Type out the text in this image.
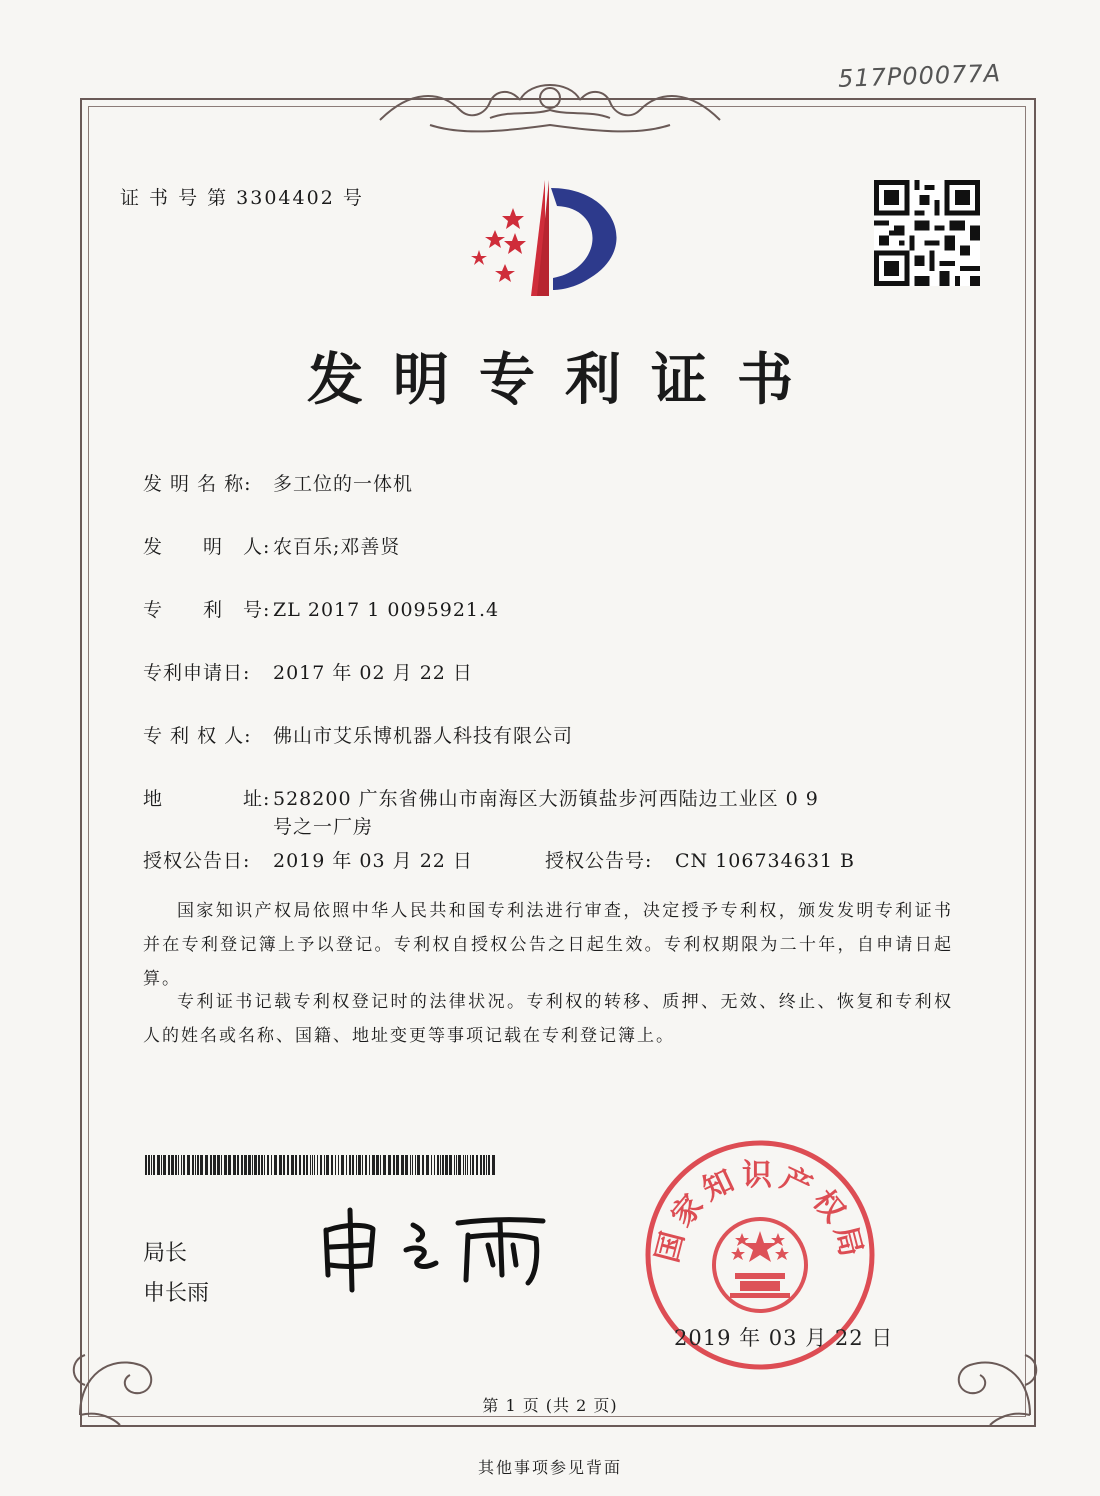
517P00077A
证 书 号 第 3304402 号
发明专利证书
发 明 名 称:	多工位的一体机
发　　明　人: 农百乐;邓善贤
专　　利　号: ZL 2017 1 0095921.4
专利申请日:	2017 年 02 月 22 日
专 利 权 人:	佛山市艾乐博机器人科技有限公司
地　　　　址: 528200 广东省佛山市南海区大沥镇盐步河西陆边工业区 0 9 号之一厂房
授权公告日:	2019 年 03 月 22 日	授权公告号:	CN 106734631 B
国家知识产权局依照中华人民共和国专利法进行审查，决定授予专利权，颁发发明专利证书并在专利登记簿上予以登记。专利权自授权公告之日起生效。专利权期限为二十年，自申请日起算。
专利证书记载专利权登记时的法律状况。专利权的转移、质押、无效、终止、恢复和专利权人的姓名或名称、国籍、地址变更等事项记载在专利登记簿上。
局长
申长雨
国家知识产权局
2019 年 03 月 22 日
第 1 页 (共 2 页)
其他事项参见背面
